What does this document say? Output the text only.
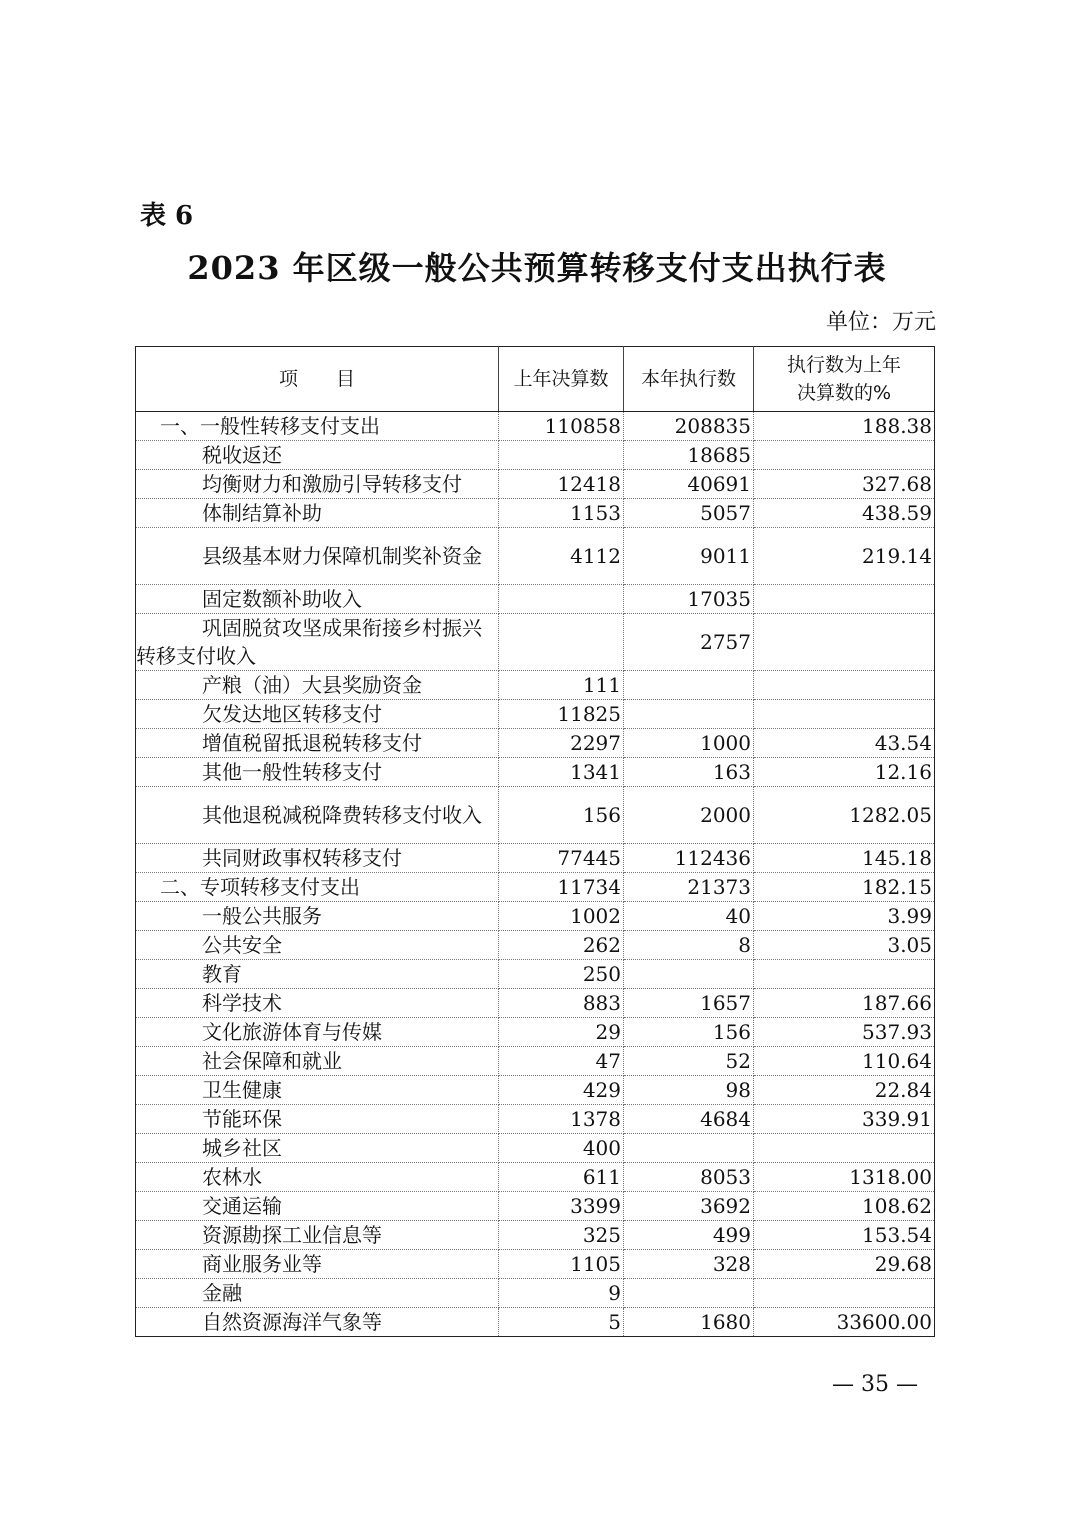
表 6
2023 年区级一般公共预算转移支付支出执行表
单位：万元
项　　目	上年决算数	本年执行数	执行数为上年
决算数的%
一、一般性转移支付支出	110858	208835	188.38
税收返还		18685	
均衡财力和激励引导转移支付	12418	40691	327.68
体制结算补助	1153	5057	438.59

县级基本财力保障机制奖补资金	4112	9011	219.14
固定数额补助收入		17035	

巩固脱贫攻坚成果衔接乡村振兴转移支付收入		2757	
产粮（油）大县奖励资金	111		
欠发达地区转移支付	11825		
增值税留抵退税转移支付	2297	1000	43.54
其他一般性转移支付	1341	163	12.16

其他退税减税降费转移支付收入	156	2000	1282.05
共同财政事权转移支付	77445	112436	145.18
二、专项转移支付支出	11734	21373	182.15
一般公共服务	1002	40	3.99
公共安全	262	8	3.05
教育	250		
科学技术	883	1657	187.66
文化旅游体育与传媒	29	156	537.93
社会保障和就业	47	52	110.64
卫生健康	429	98	22.84
节能环保	1378	4684	339.91
城乡社区	400		
农林水	611	8053	1318.00
交通运输	3399	3692	108.62
资源勘探工业信息等	325	499	153.54
商业服务业等	1105	328	29.68
金融	9		
自然资源海洋气象等	5	1680	33600.00
— 35 —
